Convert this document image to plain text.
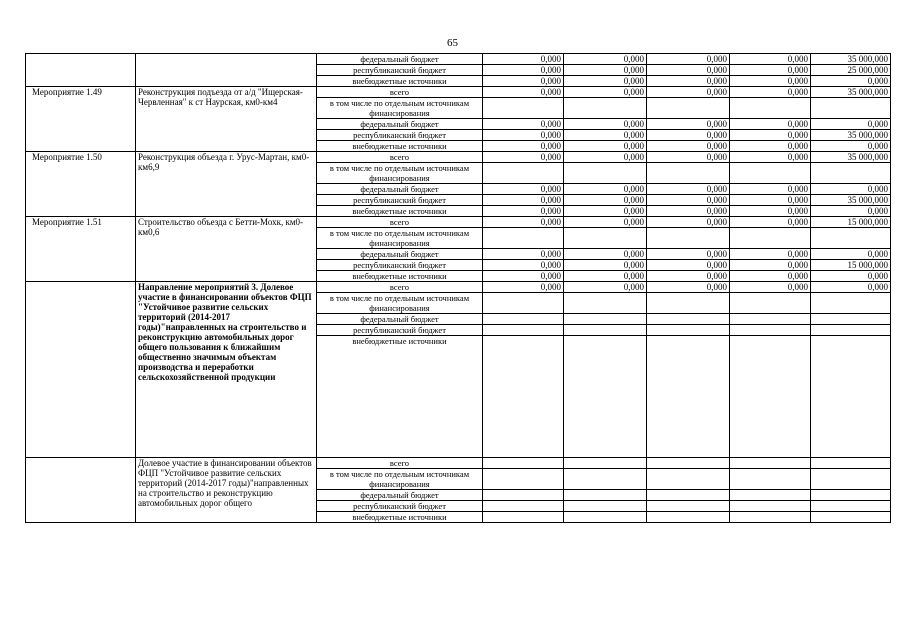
65
		федеральный бюджет	0,000	0,000	0,000	0,000	35 000,000
		республиканский бюджет	0,000	0,000	0,000	0,000	25 000,000
		внебюджетные источники	0,000	0,000	0,000	0,000	0,000
Мероприятие 1.49	Реконструкция подъезда от а/д "Ищерская-Червленная" к ст Наурская, км0-км4	всего	0,000	0,000	0,000	0,000	35 000,000
		в том числе по отдельным источникам финансирования					
		федеральный бюджет	0,000	0,000	0,000	0,000	0,000
		республиканский бюджет	0,000	0,000	0,000	0,000	35 000,000
		внебюджетные источники	0,000	0,000	0,000	0,000	0,000
Мероприятие 1.50	Реконструкция объезда г. Урус-Мартан, км0-км6,9	всего	0,000	0,000	0,000	0,000	35 000,000
		в том числе по отдельным источникам финансирования					
		федеральный бюджет	0,000	0,000	0,000	0,000	0,000
		республиканский бюджет	0,000	0,000	0,000	0,000	35 000,000
		внебюджетные источники	0,000	0,000	0,000	0,000	0,000
Мероприятие 1.51	Строительство объезда с Бетти-Мохк, км0-км0,6	всего	0,000	0,000	0,000	0,000	15 000,000
		в том числе по отдельным источникам финансирования					
		федеральный бюджет	0,000	0,000	0,000	0,000	0,000
		республиканский бюджет	0,000	0,000	0,000	0,000	15 000,000
		внебюджетные источники	0,000	0,000	0,000	0,000	0,000
	Направление мероприятий 3. Долевое участие в финансировании объектов ФЦП "Устойчивое развитие сельских территорий (2014-2017 годы)"направленных на строительство и реконструкцию автомобильных дорог общего пользования к ближайшим общественно значимым объектам производства и переработки сельскохозяйственной продукции	всего	0,000	0,000	0,000	0,000	0,000
		в том числе по отдельным источникам финансирования					
		федеральный бюджет					
		республиканский бюджет					
		внебюджетные источники					
	Долевое участие в финансировании объектов ФЦП "Устойчивое развитие сельских территорий (2014-2017 годы)"направленных на строительство и реконструкцию автомобильных дорог общего	всего					
		в том числе по отдельным источникам финансирования					
		федеральный бюджет					
		республиканский бюджет					
		внебюджетные источники					
